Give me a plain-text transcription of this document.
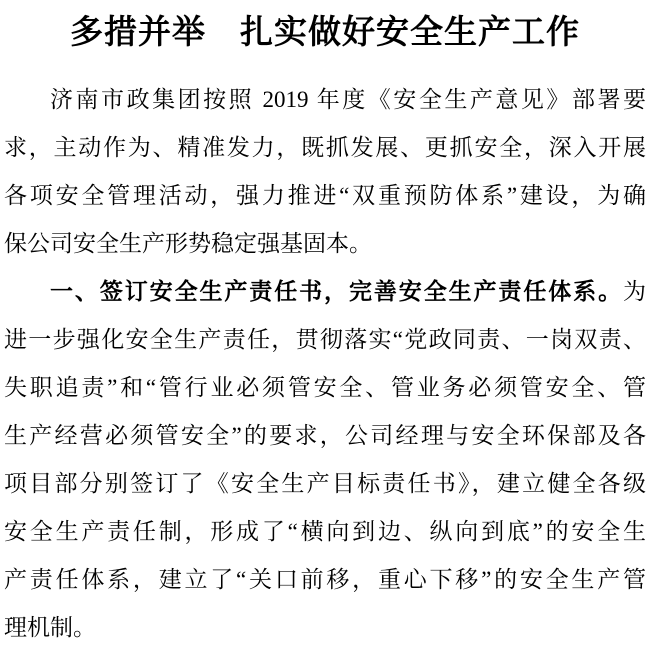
多措并举　扎实做好安全生产工作
济南市政集团按照 2019 年度《安全生产意见》部署要
求，主动作为、精准发力，既抓发展、更抓安全，深入开展
各项安全管理活动，强力推进“双重预防体系”建设，为确
保公司安全生产形势稳定强基固本。
一、签订安全生产责任书，完善安全生产责任体系。为
进一步强化安全生产责任，贯彻落实“党政同责、一岗双责、
失职追责”和“管行业必须管安全、管业务必须管安全、管
生产经营必须管安全”的要求，公司经理与安全环保部及各
项目部分别签订了《安全生产目标责任书》，建立健全各级
安全生产责任制，形成了“横向到边、纵向到底”的安全生
产责任体系，建立了“关口前移，重心下移”的安全生产管
理机制。
